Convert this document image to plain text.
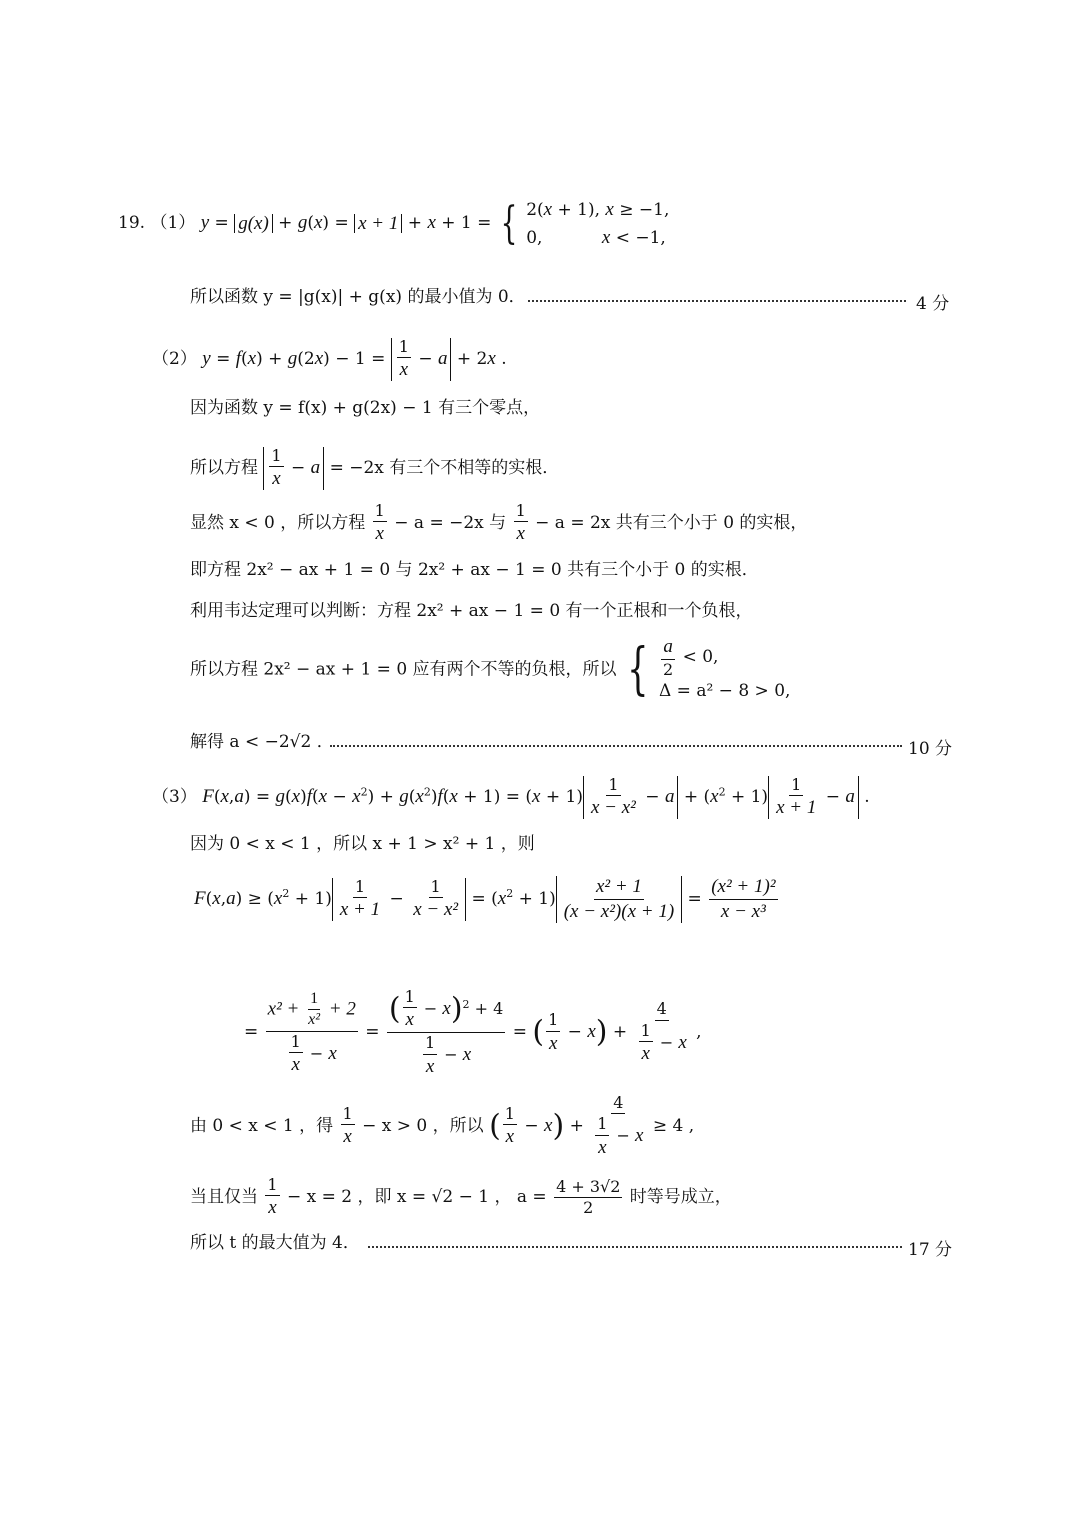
19. （1） y = g(x) + g(x) = x + 1 + x + 1 = { 2(x + 1), x ≥ −1,
0,           x < −1,
所以函数 y = |g(x)| + g(x) 的最小值为 0．	4 分
（2） $y = f(x) + g(2x) - 1 = \frac{1}{x} - a + 2x$ .
因为函数 y = f(x) + g(2x) − 1 有三个零点，
所以方程 $\frac{1}{x} - a = -2x$ 有三个不相等的实根．
显然 x < 0 ，所以方程 $\frac{1}{x} - a = -2x$ 与 $\frac{1}{x} - a = 2x$ 共有三个小于 0 的实根，
即方程 2x² − ax + 1 = 0 与 2x² + ax − 1 = 0 共有三个小于 0 的实根．
利用韦达定理可以判断：方程 2x² + ax − 1 = 0 有一个正根和一个负根，
所以方程 2x² − ax + 1 = 0 应有两个不等的负根，所以 { $\frac{a}{2} < 0$,
Δ = a² − 8 > 0,
解得 a < −2√2 ．	10 分
（3） $F(x,a) = g(x)f(x - x^2) + g(x^2)f(x + 1) = (x + 1) \frac{1}{\text{x − x²}} - a + (x^2 + 1) \frac{1}{x + 1} - a$ .
因为 0 < x < 1 ，所以 x + 1 > x² + 1 ，则
$F(x,a) \ge (x^2 + 1) \frac{1}{x + 1} - \frac{1}{\text{x − x²}} = (x^2 + 1) \frac{\text{x² + 1}}{\text{(x − x²)(x + 1)}} = \frac{\text{(x² + 1)²}}{\text{x − x³}}$
= $\frac{x^2 + \frac{1}{\text{x²}} + 2}{\frac{1}{x} - x} = \frac{( \frac{1}{x} - x)^2 + 4}{\frac{1}{x} - x}$ = ( $\frac{1}{x} - x) + \frac{4}{\frac{1}{x} - x}$ ,
由 0 < x < 1 ，得 $\frac{1}{x} - x > 0$ ，所以 ( $\frac{1}{x} - x) + \frac{4}{\frac{1}{x} - x} \ge 4$ ,
当且仅当 $\frac{1}{x} - x = 2$ ，即 x = √2 − 1 ， $a = \frac{4 + 3√2}{2}$ 时等号成立，
所以 t 的最大值为 4．	17 分
